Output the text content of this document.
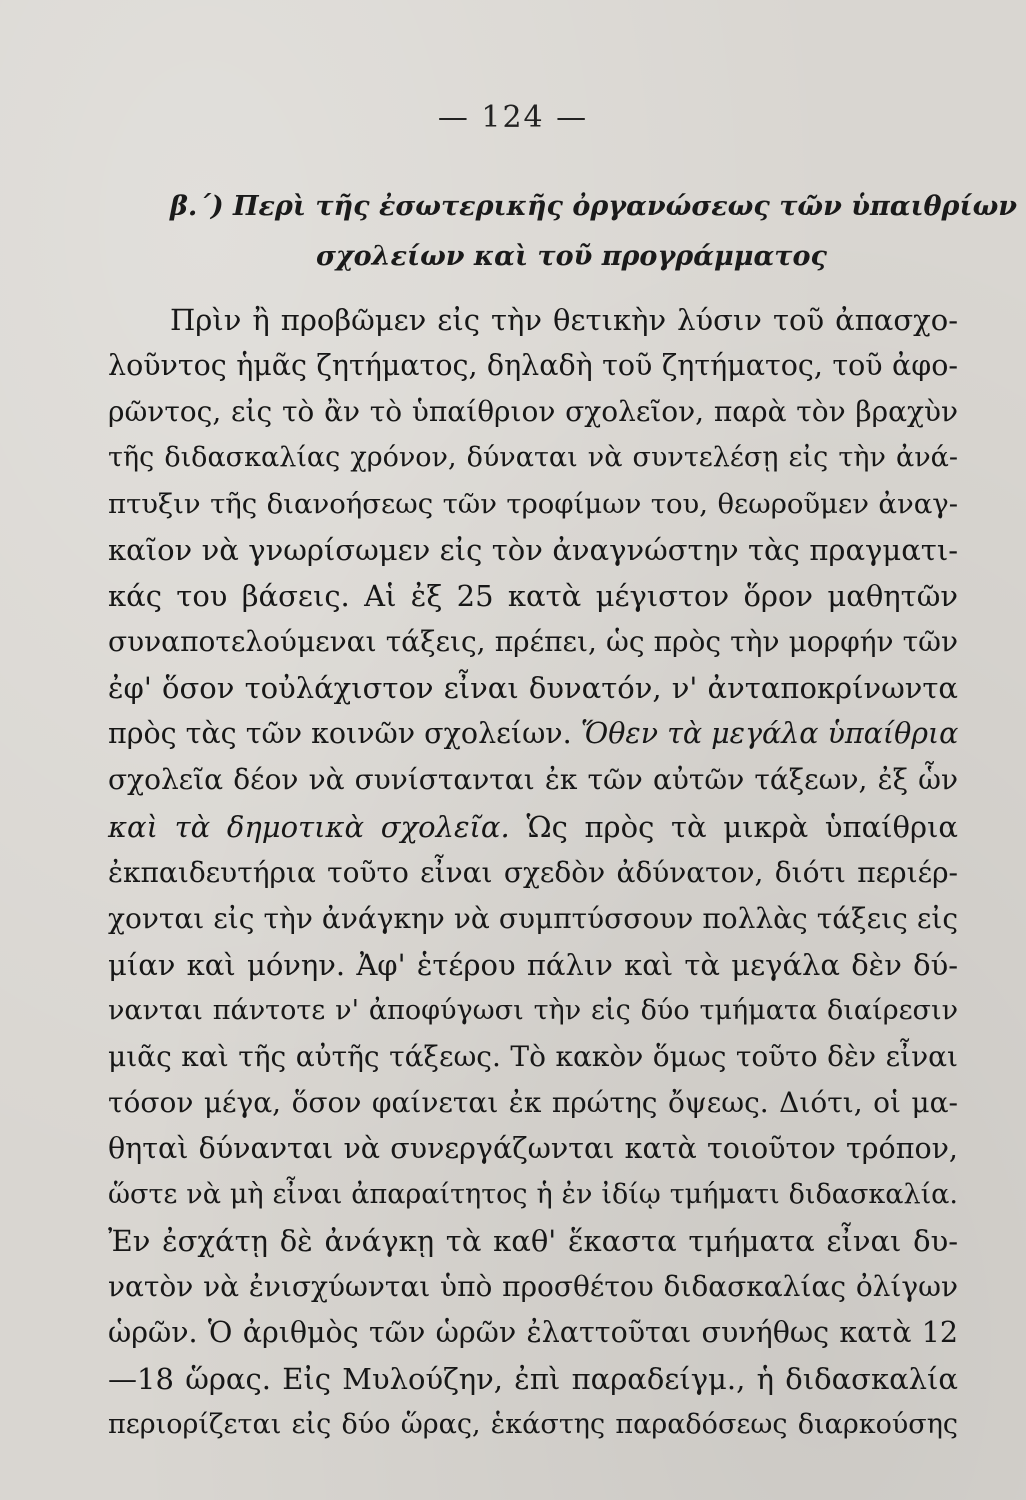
— 124 —
β.΄) Περὶ τῆς ἐσωτερικῆς ὀργανώσεως τῶν ὑπαιθρίων
σχολείων καὶ τοῦ προγράμματος
Πρὶν ἢ προβῶμεν εἰς τὴν θετικὴν λύσιν τοῦ ἀπασχο-
λοῦντος ἡμᾶς ζητήματος, δηλαδὴ τοῦ ζητήματος, τοῦ ἀφο-
ρῶντος, εἰς τὸ ἂν τὸ ὑπαίθριον σχολεῖον, παρὰ τὸν βραχὺν
τῆς διδασκαλίας χρόνον, δύναται νὰ συντελέσῃ εἰς τὴν ἀνά-
πτυξιν τῆς διανοήσεως τῶν τροφίμων του, θεωροῦμεν ἀναγ-
καῖον νὰ γνωρίσωμεν εἰς τὸν ἀναγνώστην τὰς πραγματι-
κάς του βάσεις. Αἱ ἐξ 25 κατὰ μέγιστον ὅρον μαθητῶν
συναποτελούμεναι τάξεις, πρέπει, ὡς πρὸς τὴν μορφήν τῶν
ἐφ' ὅσον τοὐλάχιστον εἶναι δυνατόν, ν' ἀνταποκρίνωντα
πρὸς τὰς τῶν κοινῶν σχολείων. Ὅθεν τὰ μεγάλα ὑπαίθρια
σχολεῖα δέον νὰ συνίστανται ἐκ τῶν αὐτῶν τάξεων, ἐξ ὧν
καὶ τὰ δημοτικὰ σχολεῖα. Ὡς πρὸς τὰ μικρὰ ὑπαίθρια
ἐκπαιδευτήρια τοῦτο εἶναι σχεδὸν ἀδύνατον, διότι περιέρ-
χονται εἰς τὴν ἀνάγκην νὰ συμπτύσσουν πολλὰς τάξεις εἰς
μίαν καὶ μόνην. Ἀφ' ἑτέρου πάλιν καὶ τὰ μεγάλα δὲν δύ-
νανται πάντοτε ν' ἀποφύγωσι τὴν εἰς δύο τμήματα διαίρεσιν
μιᾶς καὶ τῆς αὐτῆς τάξεως. Τὸ κακὸν ὅμως τοῦτο δὲν εἶναι
τόσον μέγα, ὅσον φαίνεται ἐκ πρώτης ὄψεως. Διότι, οἱ μα-
θηταὶ δύνανται νὰ συνεργάζωνται κατὰ τοιοῦτον τρόπον,
ὥστε νὰ μὴ εἶναι ἀπαραίτητος ἡ ἐν ἰδίῳ τμήματι διδασκαλία.
Ἐν ἐσχάτῃ δὲ ἀνάγκῃ τὰ καθ' ἕκαστα τμήματα εἶναι δυ-
νατὸν νὰ ἐνισχύωνται ὑπὸ προσθέτου διδασκαλίας ὀλίγων
ὡρῶν. Ὁ ἀριθμὸς τῶν ὡρῶν ἐλαττοῦται συνήθως κατὰ 12
—18 ὥρας. Εἰς Μυλούζην, ἐπὶ παραδείγμ., ἡ διδασκαλία
περιορίζεται εἰς δύο ὥρας, ἑκάστης παραδόσεως διαρκούσης
